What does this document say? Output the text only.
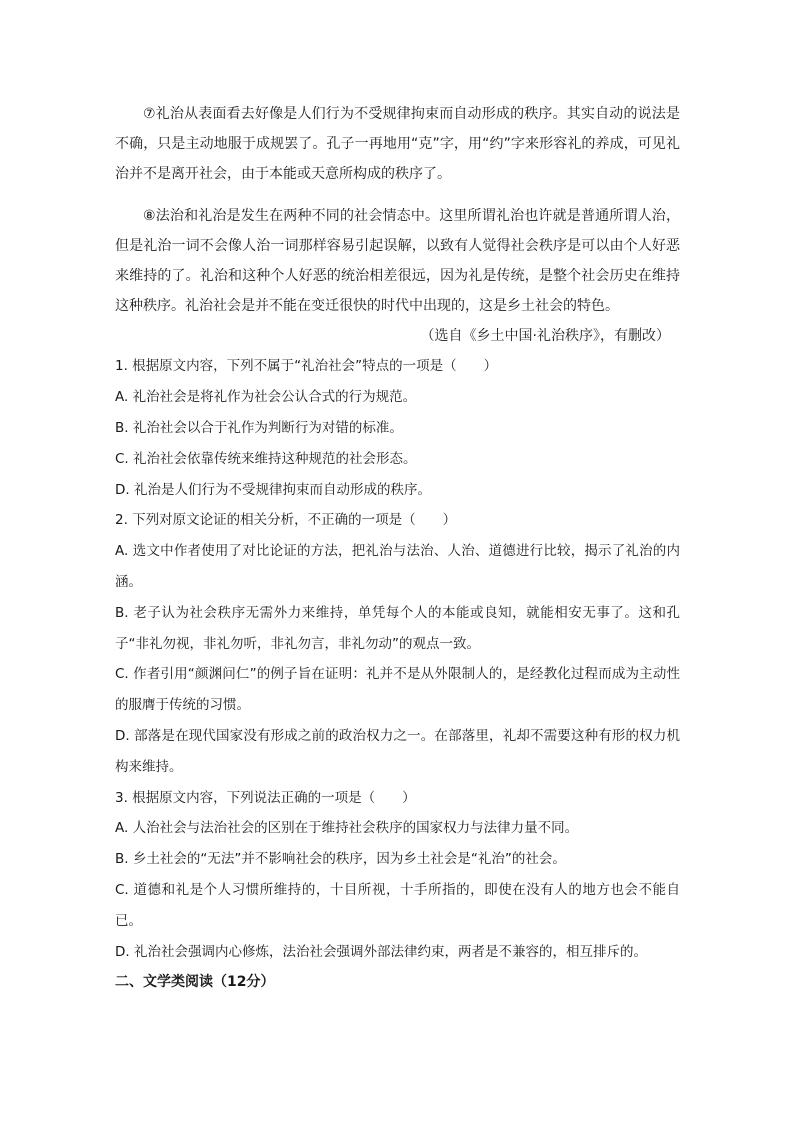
⑦礼治从表面看去好像是人们行为不受规律拘束而自动形成的秩序。其实自动的说法是不确，只是主动地服于成规罢了。孔子一再地用“克”字，用“约”字来形容礼的养成，可见礼治并不是离开社会，由于本能或天意所构成的秩序了。

⑧法治和礼治是发生在两种不同的社会情态中。这里所谓礼治也许就是普通所谓人治，但是礼治一词不会像人治一词那样容易引起误解，以致有人觉得社会秩序是可以由个人好恶来维持的了。礼治和这种个人好恶的统治相差很远，因为礼是传统，是整个社会历史在维持这种秩序。礼治社会是并不能在变迁很快的时代中出现的，这是乡土社会的特色。

（选自《乡土中国·礼治秩序》，有删改）

1. 根据原文内容，下列不属于“礼治社会”特点的一项是（　　）

A. 礼治社会是将礼作为社会公认合式的行为规范。

B. 礼治社会以合于礼作为判断行为对错的标准。

C. 礼治社会依靠传统来维持这种规范的社会形态。

D. 礼治是人们行为不受规律拘束而自动形成的秩序。

2. 下列对原文论证的相关分析，不正确的一项是（　　）

A. 选文中作者使用了对比论证的方法，把礼治与法治、人治、道德进行比较，揭示了礼治的内涵。

B. 老子认为社会秩序无需外力来维持，单凭每个人的本能或良知，就能相安无事了。这和孔子“非礼勿视，非礼勿听，非礼勿言，非礼勿动”的观点一致。

C. 作者引用“颜渊问仁”的例子旨在证明：礼并不是从外限制人的，是经教化过程而成为主动性的服膺于传统的习惯。

D. 部落是在现代国家没有形成之前的政治权力之一。在部落里，礼却不需要这种有形的权力机构来维持。

3. 根据原文内容，下列说法正确的一项是（　　）

A. 人治社会与法治社会的区别在于维持社会秩序的国家权力与法律力量不同。

B. 乡土社会的“无法”并不影响社会的秩序，因为乡土社会是“礼治”的社会。

C. 道德和礼是个人习惯所维持的，十目所视，十手所指的，即使在没有人的地方也会不能自已。

D. 礼治社会强调内心修炼，法治社会强调外部法律约束，两者是不兼容的，相互排斥的。

二、文学类阅读（12分）
